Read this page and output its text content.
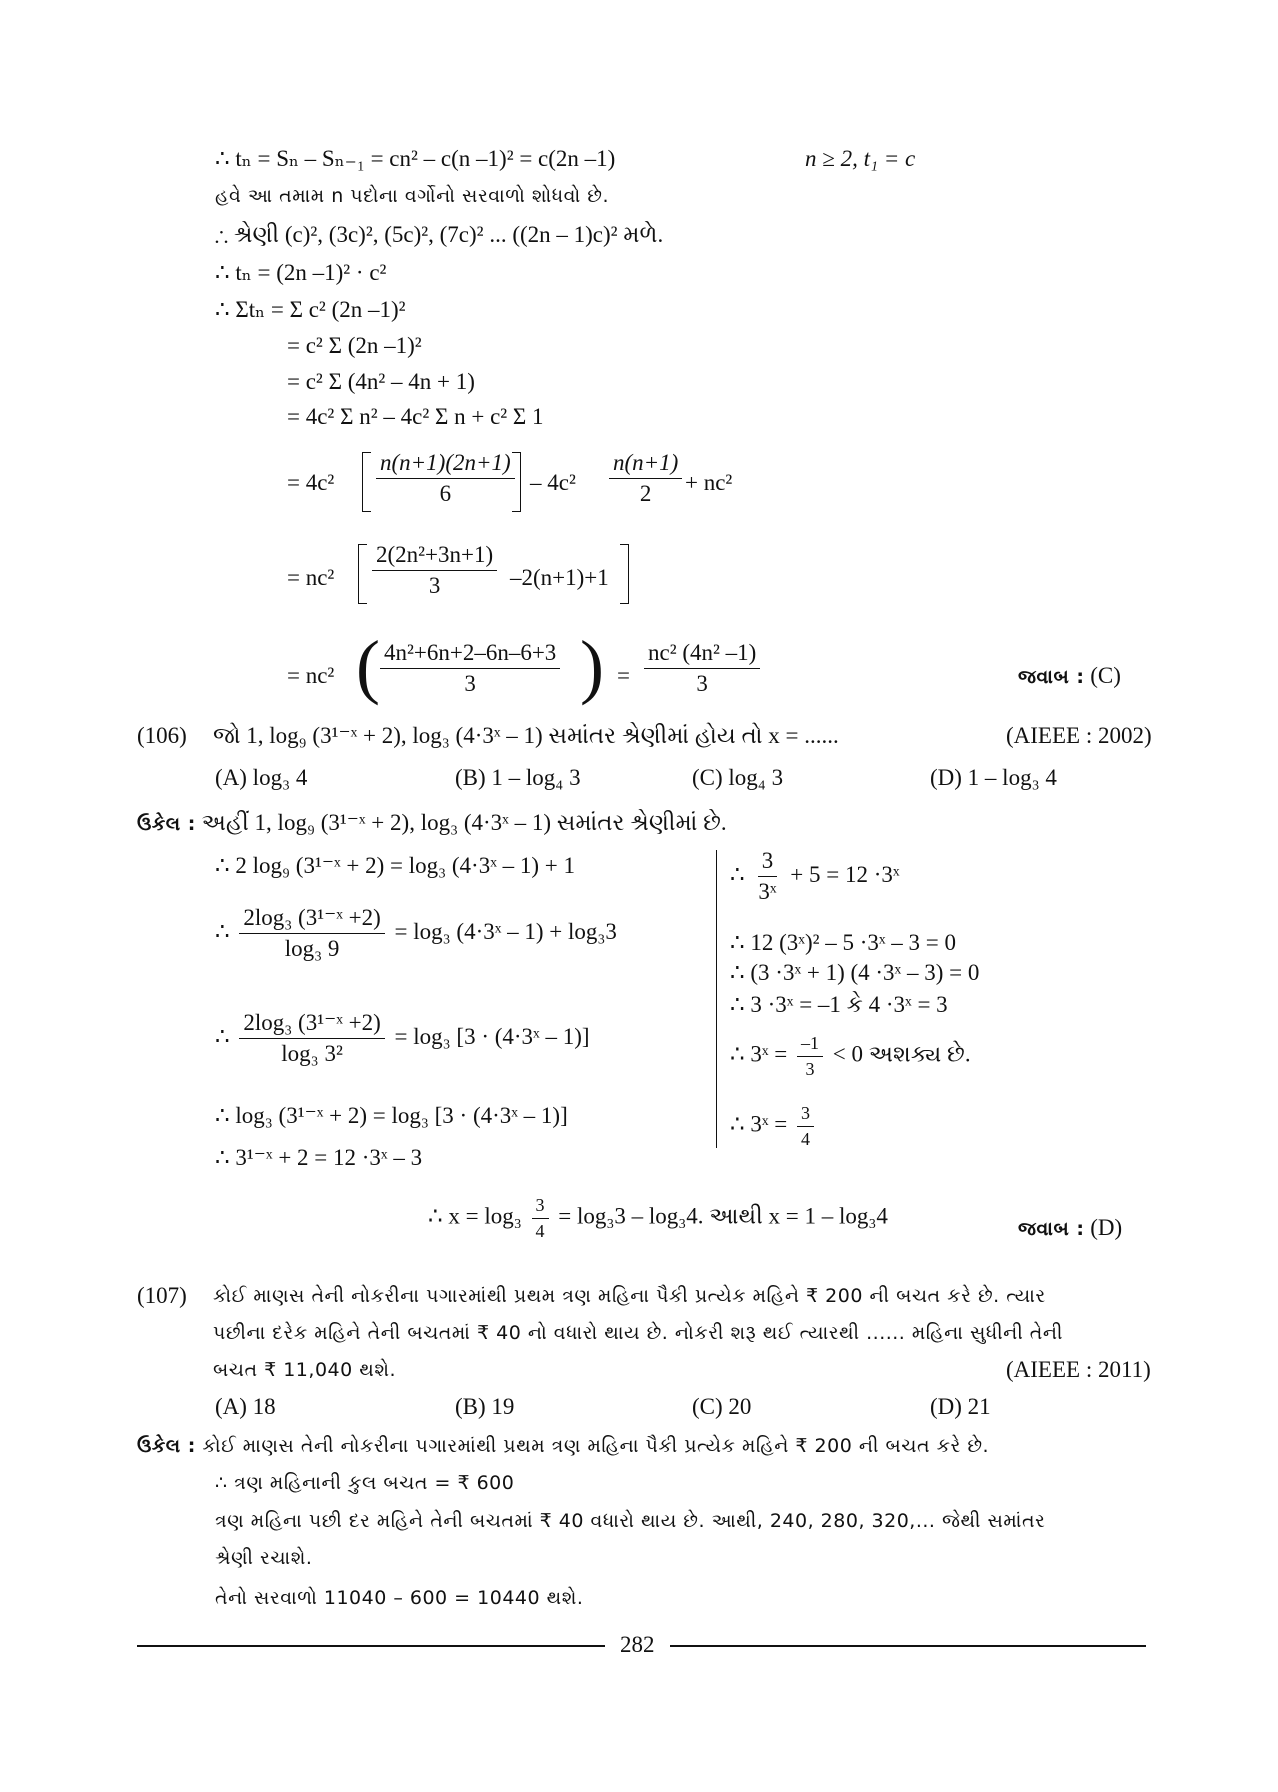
∴ tₙ = Sₙ – Sₙ₋₁ = cn² – c(n –1)² = c(2n –1)	n ≥ 2, t₁ = c
હવે આ તમામ n પદોના વર્ગોનો સરવાળો શોધવો છે.
∴ શ્રેણી (c)², (3c)², (5c)², (7c)² ... ((2n – 1)c)² મળે.
∴ tₙ = (2n –1)² · c²
∴ Σtₙ = Σ c² (2n –1)²
= c² Σ (2n –1)²
= c² Σ (4n² – 4n + 1)
= 4c² Σ n² – 4c² Σ n + c² Σ 1
= $4c^2 \frac{n(n+1)(2n+1)}{6} - 4c^2 \frac{n(n+1)}{2} + nc^2$
= $nc^2 \frac{\text{2(2n²+3n+1)}}{3} -2(n+1)+1$
= nc² ( $\frac{\text{4n²+6n+2–6n–6+3}}{3}$ ) = $\frac{\text{nc² (4n² –1)}}{3}$	જવાબ : (C)
(106) જો 1, log₉ (3¹⁻ˣ + 2), log₃ (4·3ˣ – 1) સમાંતર શ્રેણીમાં હોય તો x = ......	(AIEEE : 2002)
(A) log₃ 4	(B) 1 – log₄ 3	(C) log₄ 3	(D) 1 – log₃ 4
ઉકેલ : અહીં 1, log₉ (3¹⁻ˣ + 2), log₃ (4·3ˣ – 1) સમાંતર શ્રેણીમાં છે.
∴ 2 log₉ (3¹⁻ˣ + 2) = log₃ (4·3ˣ – 1) + 1
∴ $\frac{\text{2log₃ (3¹⁻ˣ +2)}}{\text{log₃ 9}} = \log_3$ (4·3ˣ – 1) + log₃3
∴ $\frac{\text{2log₃ (3¹⁻ˣ +2)}}{\text{log₃ 3²}} = \log_3$ [3 · (4·3ˣ – 1)]
∴ log₃ (3¹⁻ˣ + 2) = log₃ [3 · (4·3ˣ – 1)]
∴ 3¹⁻ˣ + 2 = 12 ·3ˣ – 3
∴ $\frac{3}{\text{3ˣ}} + 5 = 12$ ·3ˣ
∴ 12 (3ˣ)² – 5 ·3ˣ – 3 = 0
∴ (3 ·3ˣ + 1) (4 ·3ˣ – 3) = 0
∴ 3 ·3ˣ = –1 કે 4 ·3ˣ = 3
∴ 3ˣ = $\frac{-1}{3} < 0$ અશક્ય છે.
∴ 3ˣ = $\frac{3}{4}$
∴ $x = \log_3 \frac{3}{4} = \log_33 - \log_34$. આથી x = 1 – log₃4
જવાબ : (D)
(107) કોઈ માણસ તેની નોકરીના પગારમાંથી પ્રથમ ત્રણ મહિના પૈકી પ્રત્યેક મહિને ₹ 200 ની બચત કરે છે. ત્યાર
પછીના દરેક મહિને તેની બચતમાં ₹ 40 નો વધારો થાય છે. નોકરી શરૂ થઈ ત્યારથી ...... મહિના સુધીની તેની
બચત ₹ 11,040 થશે.	(AIEEE : 2011)
(A) 18	(B) 19	(C) 20	(D) 21
ઉકેલ : કોઈ માણસ તેની નોકરીના પગારમાંથી પ્રથમ ત્રણ મહિના પૈકી પ્રત્યેક મહિને ₹ 200 ની બચત કરે છે.
∴ ત્રણ મહિનાની કુલ બચત = ₹ 600
ત્રણ મહિના પછી દર મહિને તેની બચતમાં ₹ 40 વધારો થાય છે. આથી, 240, 280, 320,... જેથી સમાંતર
શ્રેણી રચાશે.
તેનો સરવાળો 11040 – 600 = 10440 થશે.
282
